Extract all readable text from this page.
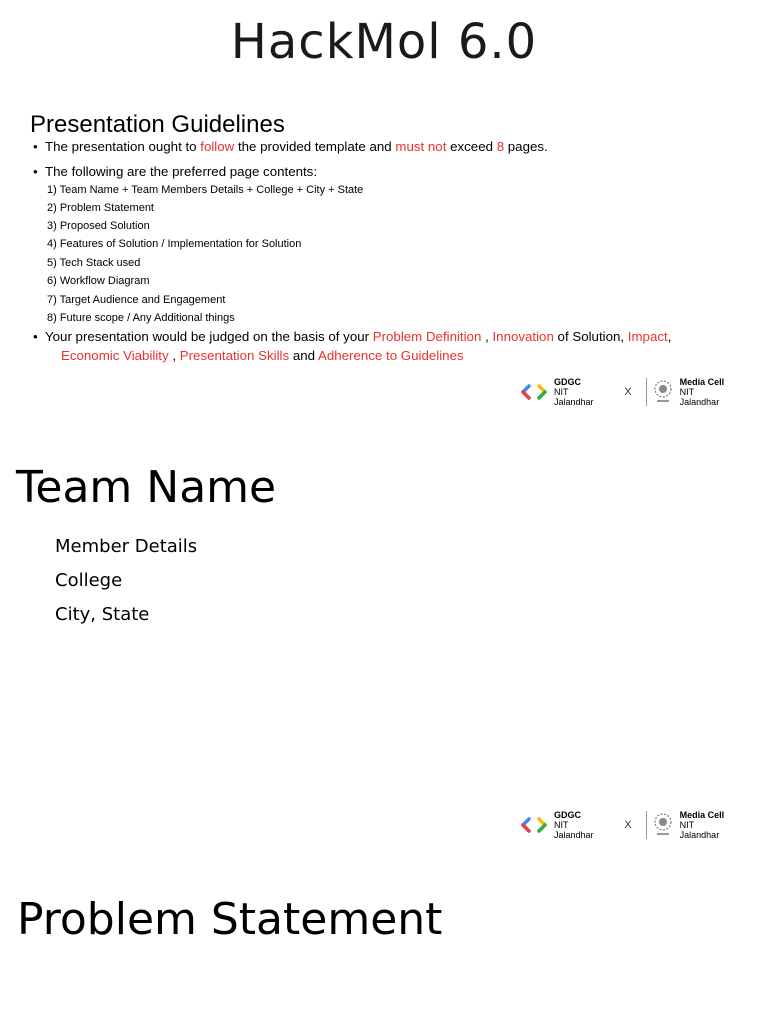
HackMol 6.0
Presentation Guidelines
• The presentation ought to follow the provided template and must not exceed 8 pages.
• The following are the preferred page contents:
1) Team Name + Team Members Details + College + City + State
2) Problem Statement
3) Proposed Solution
4) Features of Solution / Implementation for Solution
5) Tech Stack used
6) Workflow Diagram
7) Target Audience and Engagement
8) Future scope / Any Additional things
• Your presentation would be judged on the basis of your Problem Definition , Innovation of Solution, Impact,
Economic Viability , Presentation Skills and Adherence to Guidelines
GDGC
NIT Jalandhar
X
Media Cell
NIT Jalandhar
Team Name
Member Details
College
City, State
GDGC
NIT Jalandhar
X
Media Cell
NIT Jalandhar
Problem Statement
